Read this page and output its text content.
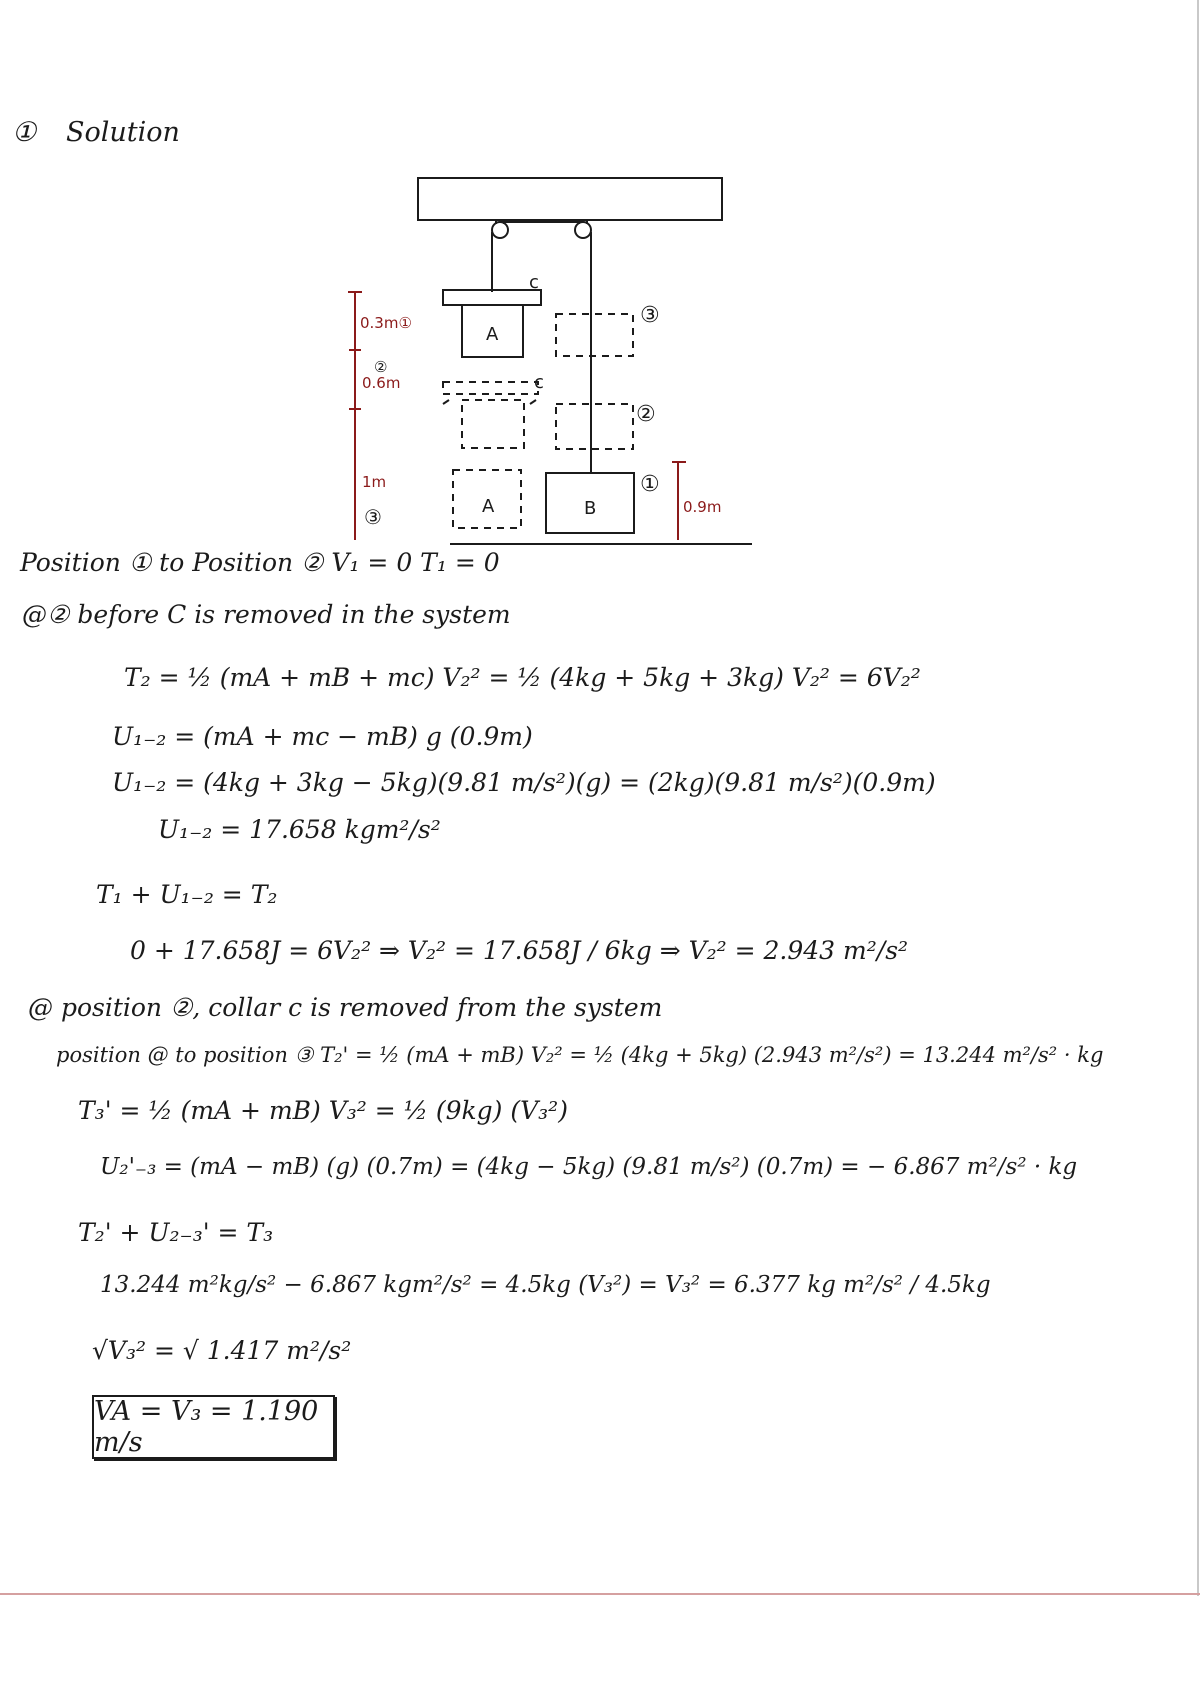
① Solution
A
A	B
c
c
③
②
①
0.3m①
②
0.6m
1m
③	0.9m
Position ① to Position ② V₁ = 0 T₁ = 0
@② before C is removed in the system
T₂ = ½ (mA + mB + mc) V₂² = ½ (4kg + 5kg + 3kg) V₂² = 6V₂²
U₁₋₂ = (mA + mc − mB) g (0.9m)
U₁₋₂ = (4kg + 3kg − 5kg)(9.81 m/s²)(g) = (2kg)(9.81 m/s²)(0.9m)
U₁₋₂ = 17.658 kgm²/s²
T₁ + U₁₋₂ = T₂
0 + 17.658J = 6V₂² ⇒ V₂² = 17.658J / 6kg ⇒ V₂² = 2.943 m²/s²
@ position ②, collar c is removed from the system
position @ to position ③ T₂' = ½ (mA + mB) V₂² = ½ (4kg + 5kg) (2.943 m²/s²) = 13.244 m²/s² · kg
T₃' = ½ (mA + mB) V₃² = ½ (9kg) (V₃²)
U₂'₋₃ = (mA − mB) (g) (0.7m) = (4kg − 5kg) (9.81 m/s²) (0.7m) = − 6.867 m²/s² · kg
T₂' + U₂₋₃' = T₃
13.244 m²kg/s² − 6.867 kgm²/s² = 4.5kg (V₃²) = V₃² = 6.377 kg m²/s² / 4.5kg
√V₃² = √ 1.417 m²/s²
VA = V₃ = 1.190 m/s
